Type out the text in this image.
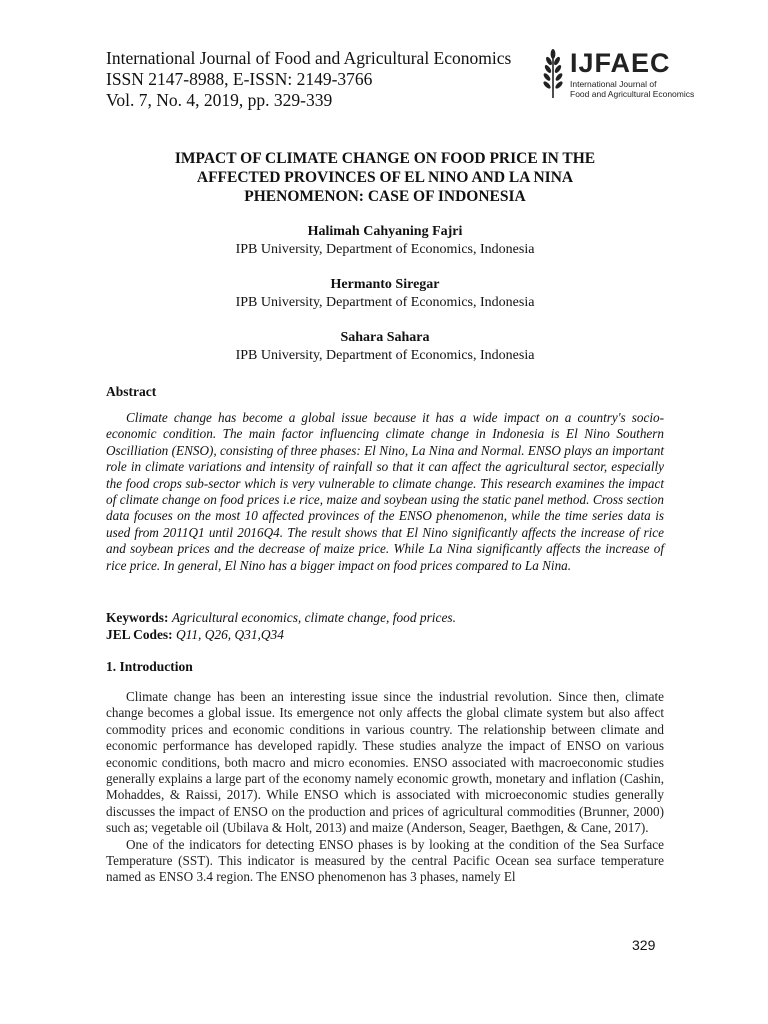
International Journal of Food and Agricultural Economics
ISSN 2147-8988, E-ISSN: 2149-3766
Vol. 7, No. 4, 2019, pp. 329-339
IJFAEC
International Journal of
Food and Agricultural Economics
IMPACT OF CLIMATE CHANGE ON FOOD PRICE IN THE
AFFECTED PROVINCES OF EL NINO AND LA NINA
PHENOMENON: CASE OF INDONESIA
Halimah Cahyaning Fajri
IPB University, Department of Economics, Indonesia
Hermanto Siregar
IPB University, Department of Economics, Indonesia
Sahara Sahara
IPB University, Department of Economics, Indonesia
Abstract

Climate change has become a global issue because it has a wide impact on a country's socio-economic condition. The main factor influencing climate change in Indonesia is El Nino Southern Oscilliation (ENSO), consisting of three phases: El Nino, La Nina and Normal. ENSO plays an important role in climate variations and intensity of rainfall so that it can affect the agricultural sector, especially the food crops sub-sector which is very vulnerable to climate change. This research examines the impact of climate change on food prices i.e rice, maize and soybean using the static panel method. Cross section data focuses on the most 10 affected provinces of the ENSO phenomenon, while the time series data is used from 2011Q1 until 2016Q4. The result shows that El Nino significantly affects the increase of rice and soybean prices and the decrease of maize price. While La Nina significantly affects the increase of rice price. In general, El Nino has a bigger impact on food prices compared to La Nina.

Keywords: Agricultural economics, climate change, food prices.
JEL Codes: Q11, Q26, Q31,Q34
1. Introduction

Climate change has been an interesting issue since the industrial revolution. Since then, climate change becomes a global issue. Its emergence not only affects the global climate system but also affect commodity prices and economic conditions in various country. The relationship between climate and economic performance has developed rapidly. These studies analyze the impact of ENSO on various economic conditions, both macro and micro economies. ENSO associated with macroeconomic studies generally explains a large part of the economy namely economic growth, monetary and inflation (Cashin, Mohaddes, & Raissi, 2017). While ENSO which is associated with microeconomic studies generally discusses the impact of ENSO on the production and prices of agricultural commodities (Brunner, 2000) such as; vegetable oil (Ubilava & Holt, 2013) and maize (Anderson, Seager, Baethgen, & Cane, 2017).

One of the indicators for detecting ENSO phases is by looking at the condition of the Sea Surface Temperature (SST). This indicator is measured by the central Pacific Ocean sea surface temperature named as ENSO 3.4 region. The ENSO phenomenon has 3 phases, namely El

329
